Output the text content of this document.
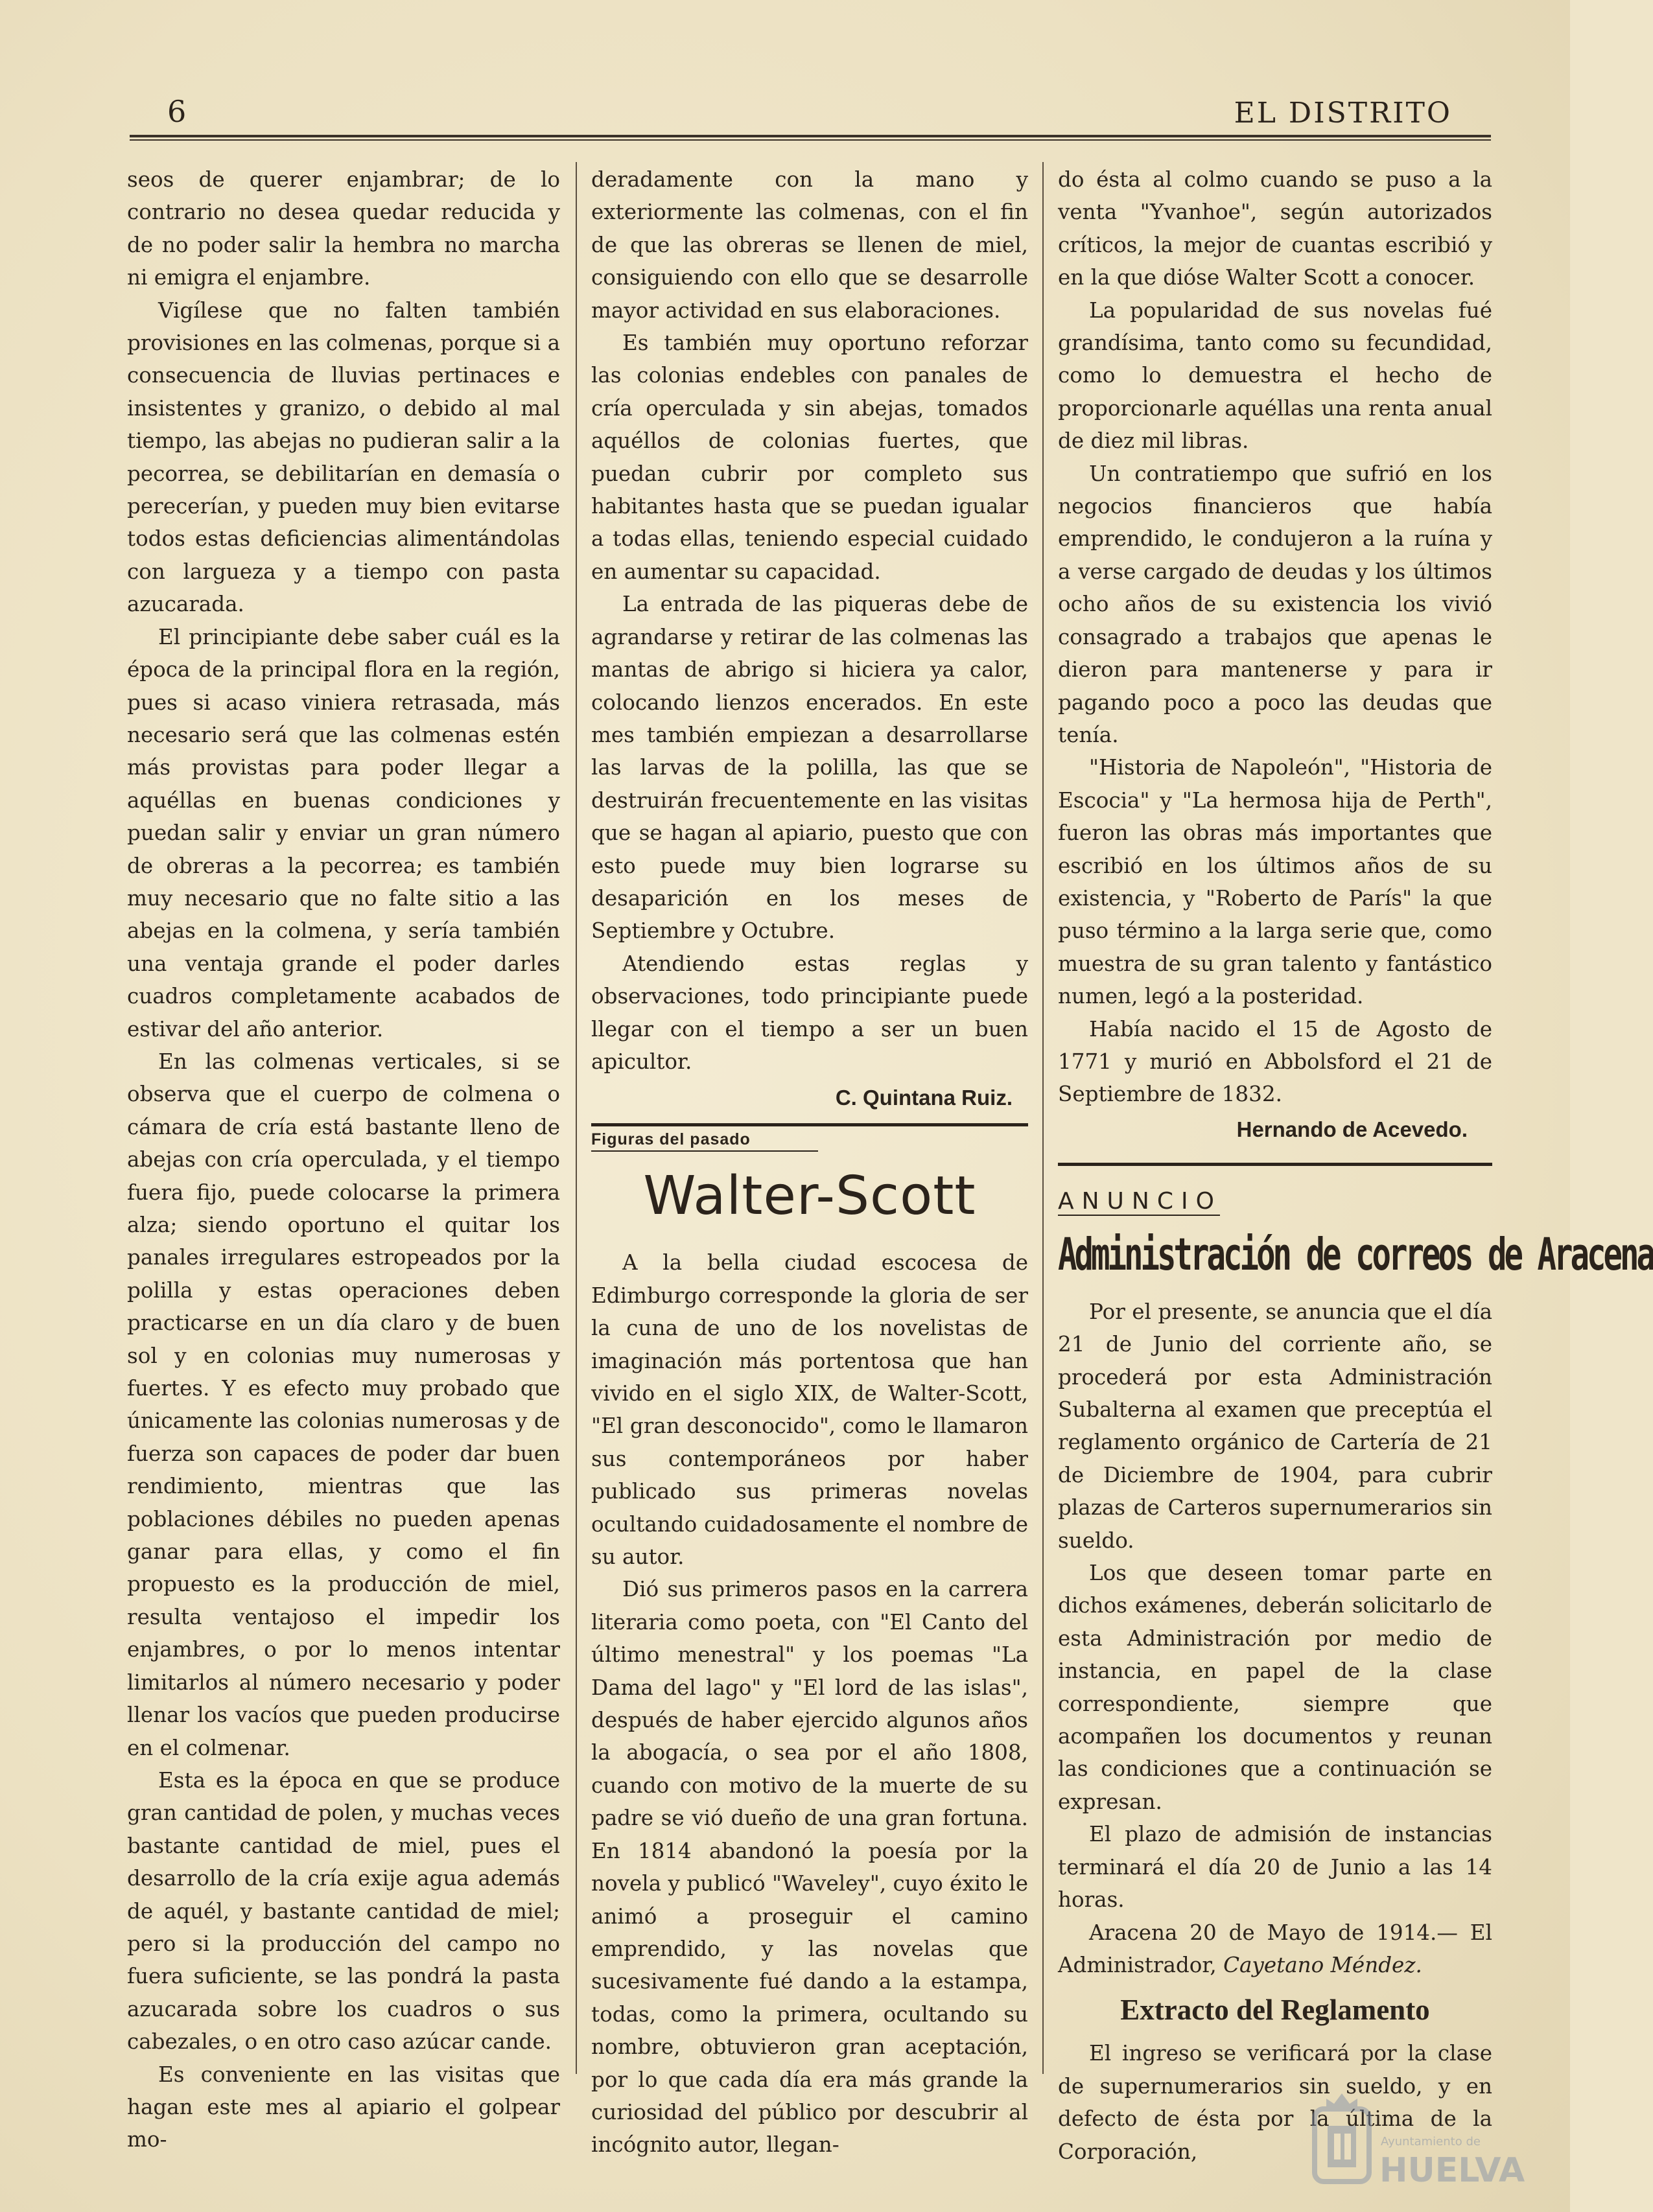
6	EL DISTRITO

seos de querer enjambrar; de lo contrario no desea quedar reducida y de no poder salir la hembra no marcha ni emigra el enjambre.

Vigílese que no falten también provisiones en las colmenas, porque si a consecuencia de lluvias pertinaces e insistentes y granizo, o debido al mal tiempo, las abejas no pudieran salir a la pecorrea, se debilitarían en demasía o perecerían, y pueden muy bien evitarse todos estas deficiencias alimentándolas con largueza y a tiempo con pasta azucarada.

El principiante debe saber cuál es la época de la principal flora en la región, pues si acaso viniera retrasada, más necesario será que las colmenas estén más provistas para poder llegar a aquéllas en buenas condiciones y puedan salir y enviar un gran número de obreras a la pecorrea; es también muy necesario que no falte sitio a las abejas en la colmena, y sería también una ventaja grande el poder darles cuadros completamente acabados de estivar del año anterior.

En las colmenas verticales, si se observa que el cuerpo de colmena o cámara de cría está bastante lleno de abejas con cría operculada, y el tiempo fuera fijo, puede colocarse la primera alza; siendo oportuno el quitar los panales irregulares estropeados por la polilla y estas operaciones deben practicarse en un día claro y de buen sol y en colonias muy numerosas y fuertes. Y es efecto muy probado que únicamente las colonias numerosas y de fuerza son capaces de poder dar buen rendimiento, mientras que las poblaciones débiles no pueden apenas ganar para ellas, y como el fin propuesto es la producción de miel, resulta ventajoso el impedir los enjambres, o por lo menos intentar limitarlos al número necesario y poder llenar los vacíos que pueden producirse en el colmenar.

Esta es la época en que se produce gran cantidad de polen, y muchas veces bastante cantidad de miel, pues el desarrollo de la cría exije agua además de aquél, y bastante cantidad de miel; pero si la producción del campo no fuera suficiente, se las pondrá la pasta azucarada sobre los cuadros o sus cabezales, o en otro caso azúcar cande.

Es conveniente en las visitas que hagan este mes al apiario el golpear mo-

deradamente con la mano y exteriormente las colmenas, con el fin de que las obreras se llenen de miel, consiguiendo con ello que se desarrolle mayor actividad en sus elaboraciones.

Es también muy oportuno reforzar las colonias endebles con panales de cría operculada y sin abejas, tomados aquéllos de colonias fuertes, que puedan cubrir por completo sus habitantes hasta que se puedan igualar a todas ellas, teniendo especial cuidado en aumentar su capacidad.

La entrada de las piqueras debe de agrandarse y retirar de las colmenas las mantas de abrigo si hiciera ya calor, colocando lienzos encerados. En este mes también empiezan a desarrollarse las larvas de la polilla, las que se destruirán frecuentemente en las visitas que se hagan al apiario, puesto que con esto puede muy bien lograrse su desaparición en los meses de Septiembre y Octubre.

Atendiendo estas reglas y observaciones, todo principiante puede llegar con el tiempo a ser un buen apicultor.

C. Quintana Ruiz.
Figuras del pasado
Walter-Scott

A la bella ciudad escocesa de Edimburgo corresponde la gloria de ser la cuna de uno de los novelistas de imaginación más portentosa que han vivido en el siglo XIX, de Walter-Scott, "El gran desconocido", como le llamaron sus contemporáneos por haber publicado sus primeras novelas ocultando cuidadosamente el nombre de su autor.

Dió sus primeros pasos en la carrera literaria como poeta, con "El Canto del último menestral" y los poemas "La Dama del lago" y "El lord de las islas", después de haber ejercido algunos años la abogacía, o sea por el año 1808, cuando con motivo de la muerte de su padre se vió dueño de una gran fortuna. En 1814 abandonó la poesía por la novela y publicó "Waveley", cuyo éxito le animó a proseguir el camino emprendido, y las novelas que sucesivamente fué dando a la estampa, todas, como la primera, ocultando su nombre, obtuvieron gran aceptación, por lo que cada día era más grande la curiosidad del público por descubrir al incógnito autor, llegan-

do ésta al colmo cuando se puso a la venta "Yvanhoe", según autorizados críticos, la mejor de cuantas escribió y en la que dióse Walter Scott a conocer.

La popularidad de sus novelas fué grandísima, tanto como su fecundidad, como lo demuestra el hecho de proporcionarle aquéllas una renta anual de diez mil libras.

Un contratiempo que sufrió en los negocios financieros que había emprendido, le condujeron a la ruína y a verse cargado de deudas y los últimos ocho años de su existencia los vivió consagrado a trabajos que apenas le dieron para mantenerse y para ir pagando poco a poco las deudas que tenía.

"Historia de Napoleón", "Historia de Escocia" y "La hermosa hija de Perth", fueron las obras más importantes que escribió en los últimos años de su existencia, y "Roberto de París" la que puso término a la larga serie que, como muestra de su gran talento y fantástico numen, legó a la posteridad.

Había nacido el 15 de Agosto de 1771 y murió en Abbolsford el 21 de Septiembre de 1832.

Hernando de Acevedo.
ANUNCIO
Administración de correos de Aracena

Por el presente, se anuncia que el día 21 de Junio del corriente año, se procederá por esta Administración Subalterna al examen que preceptúa el reglamento orgánico de Cartería de 21 de Diciembre de 1904, para cubrir plazas de Carteros supernumerarios sin sueldo.

Los que deseen tomar parte en dichos exámenes, deberán solicitarlo de esta Administración por medio de instancia, en papel de la clase correspondiente, siempre que acompañen los documentos y reunan las condiciones que a continuación se expresan.

El plazo de admisión de instancias terminará el día 20 de Junio a las 14 horas.

Aracena 20 de Mayo de 1914.— El Administrador, Cayetano Méndez.

Extracto del Reglamento

El ingreso se verificará por la clase de supernumerarios sin sueldo, y en defecto de ésta por la última de la Corporación,	Ayuntamiento de
HUELVA
